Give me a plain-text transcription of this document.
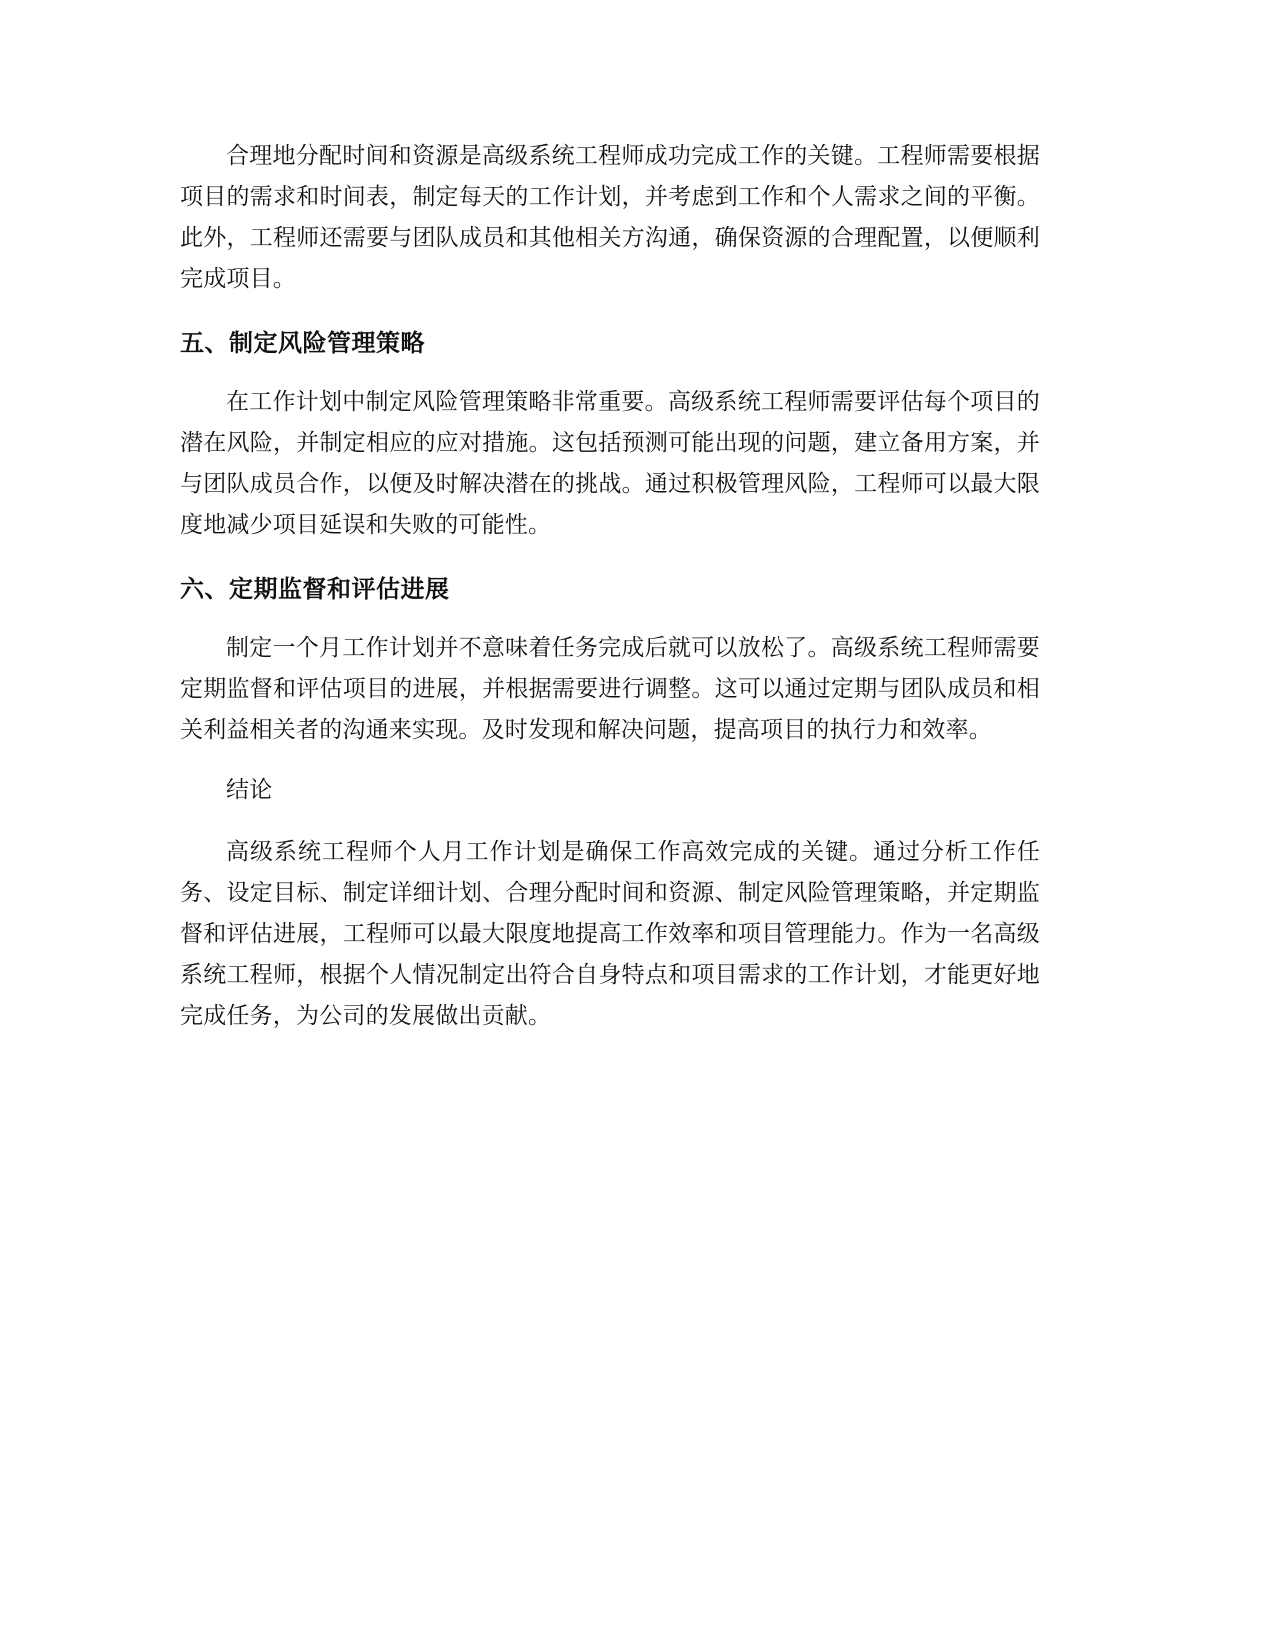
合理地分配时间和资源是高级系统工程师成功完成工作的关键。工程师需要根据项目的需求和时间表，制定每天的工作计划，并考虑到工作和个人需求之间的平衡。此外，工程师还需要与团队成员和其他相关方沟通，确保资源的合理配置，以便顺利完成项目。

五、制定风险管理策略

在工作计划中制定风险管理策略非常重要。高级系统工程师需要评估每个项目的潜在风险，并制定相应的应对措施。这包括预测可能出现的问题，建立备用方案，并与团队成员合作，以便及时解决潜在的挑战。通过积极管理风险，工程师可以最大限度地减少项目延误和失败的可能性。

六、定期监督和评估进展

制定一个月工作计划并不意味着任务完成后就可以放松了。高级系统工程师需要定期监督和评估项目的进展，并根据需要进行调整。这可以通过定期与团队成员和相关利益相关者的沟通来实现。及时发现和解决问题，提高项目的执行力和效率。

结论

高级系统工程师个人月工作计划是确保工作高效完成的关键。通过分析工作任务、设定目标、制定详细计划、合理分配时间和资源、制定风险管理策略，并定期监督和评估进展，工程师可以最大限度地提高工作效率和项目管理能力。作为一名高级系统工程师，根据个人情况制定出符合自身特点和项目需求的工作计划，才能更好地完成任务，为公司的发展做出贡献。
